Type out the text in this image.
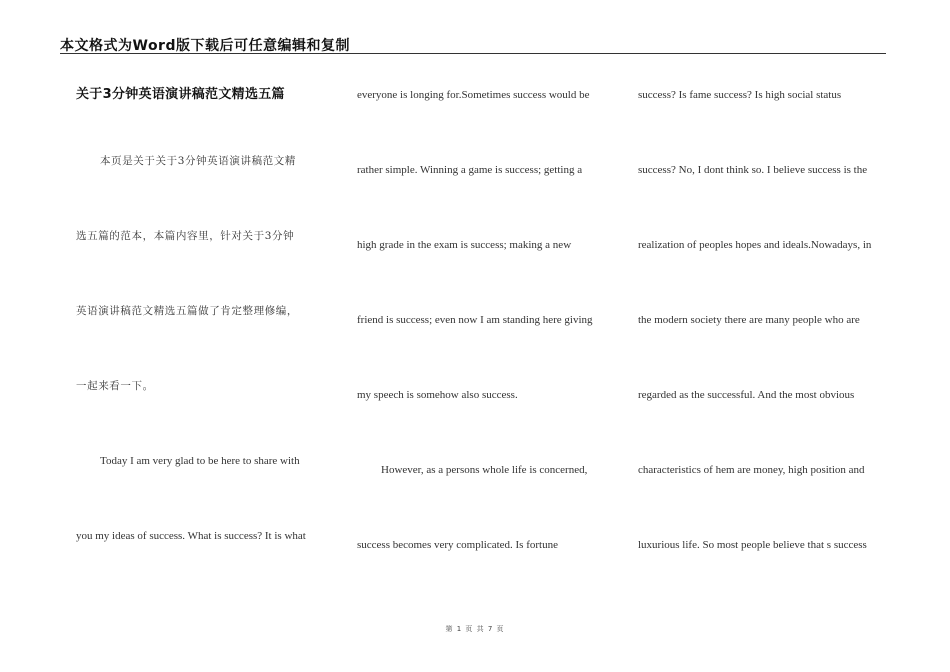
本文格式为Word版下载后可任意编辑和复制
关于3分钟英语演讲稿范文精选五篇
本页是关于关于3分钟英语演讲稿范文精
选五篇的范本，本篇内容里，针对关于3分钟
英语演讲稿范文精选五篇做了肯定整理修编，
一起来看一下。
Today I am very glad to be here to share with
you my ideas of success. What is success? It is what
everyone is longing for.Sometimes success would be
rather simple. Winning a game is success; getting a
high grade in the exam is success; making a new
friend is success; even now I am standing here giving
my speech is somehow also success.
However, as a persons whole life is concerned,
success becomes very complicated. Is fortune
success? Is fame success? Is high social status
success? No, I dont think so. I believe success is the
realization of peoples hopes and ideals.Nowadays, in
the modern society there are many people who are
regarded as the successful. And the most obvious
characteristics of hem are money, high position and
luxurious life. So most people believe that s success
第 1 页 共 7 页
